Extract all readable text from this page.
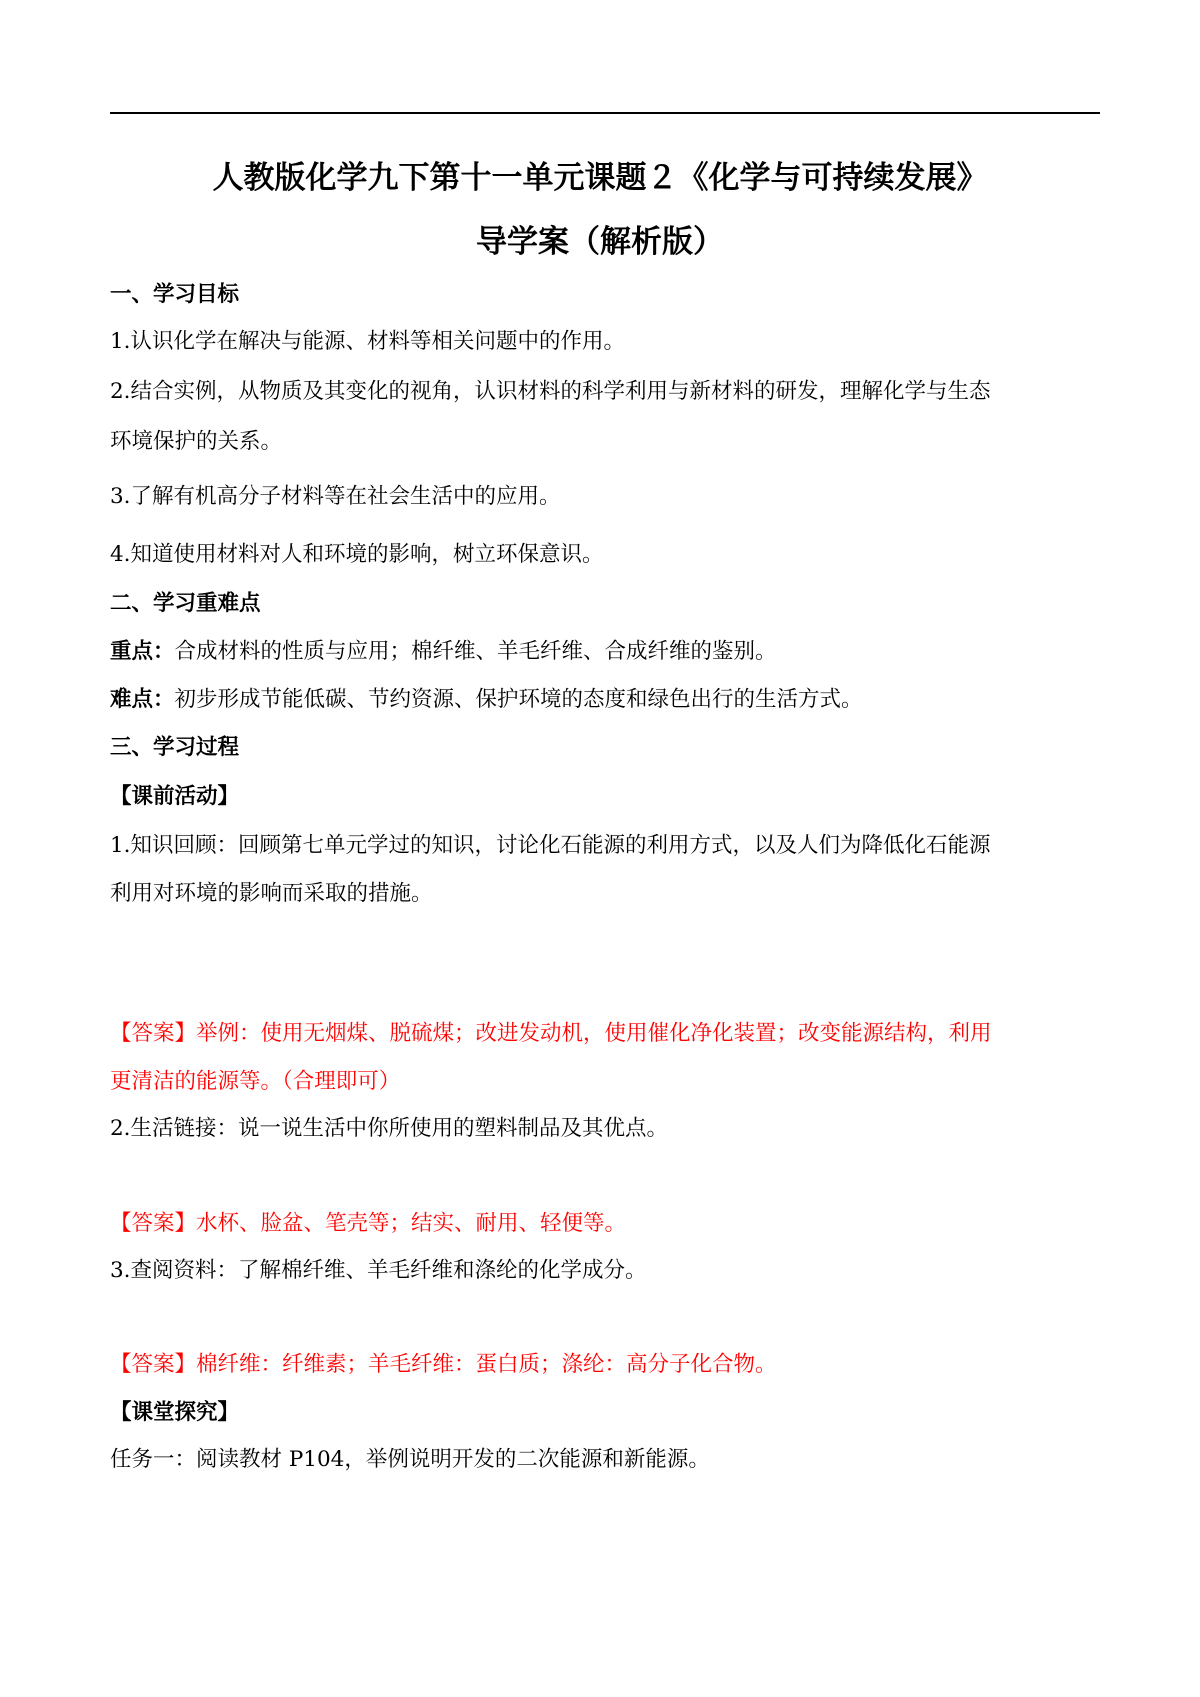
人教版化学九下第十一单元课题２《化学与可持续发展》
导学案（解析版）
一、学习目标
1.认识化学在解决与能源、材料等相关问题中的作用。
2.结合实例，从物质及其变化的视角，认识材料的科学利用与新材料的研发，理解化学与生态
环境保护的关系。
3.了解有机高分子材料等在社会生活中的应用。
4.知道使用材料对人和环境的影响，树立环保意识。
二、学习重难点
重点：合成材料的性质与应用；棉纤维、羊毛纤维、合成纤维的鉴别。
难点：初步形成节能低碳、节约资源、保护环境的态度和绿色出行的生活方式。
三、学习过程
【课前活动】
1.知识回顾：回顾第七单元学过的知识，讨论化石能源的利用方式，以及人们为降低化石能源
利用对环境的影响而采取的措施。
【答案】举例：使用无烟煤、脱硫煤；改进发动机，使用催化净化装置；改变能源结构，利用
更清洁的能源等。（合理即可）
2.生活链接：说一说生活中你所使用的塑料制品及其优点。
【答案】水杯、脸盆、笔壳等；结实、耐用、轻便等。
3.查阅资料：了解棉纤维、羊毛纤维和涤纶的化学成分。
【答案】棉纤维：纤维素；羊毛纤维：蛋白质；涤纶：高分子化合物。
【课堂探究】
任务一：阅读教材 P104，举例说明开发的二次能源和新能源。
